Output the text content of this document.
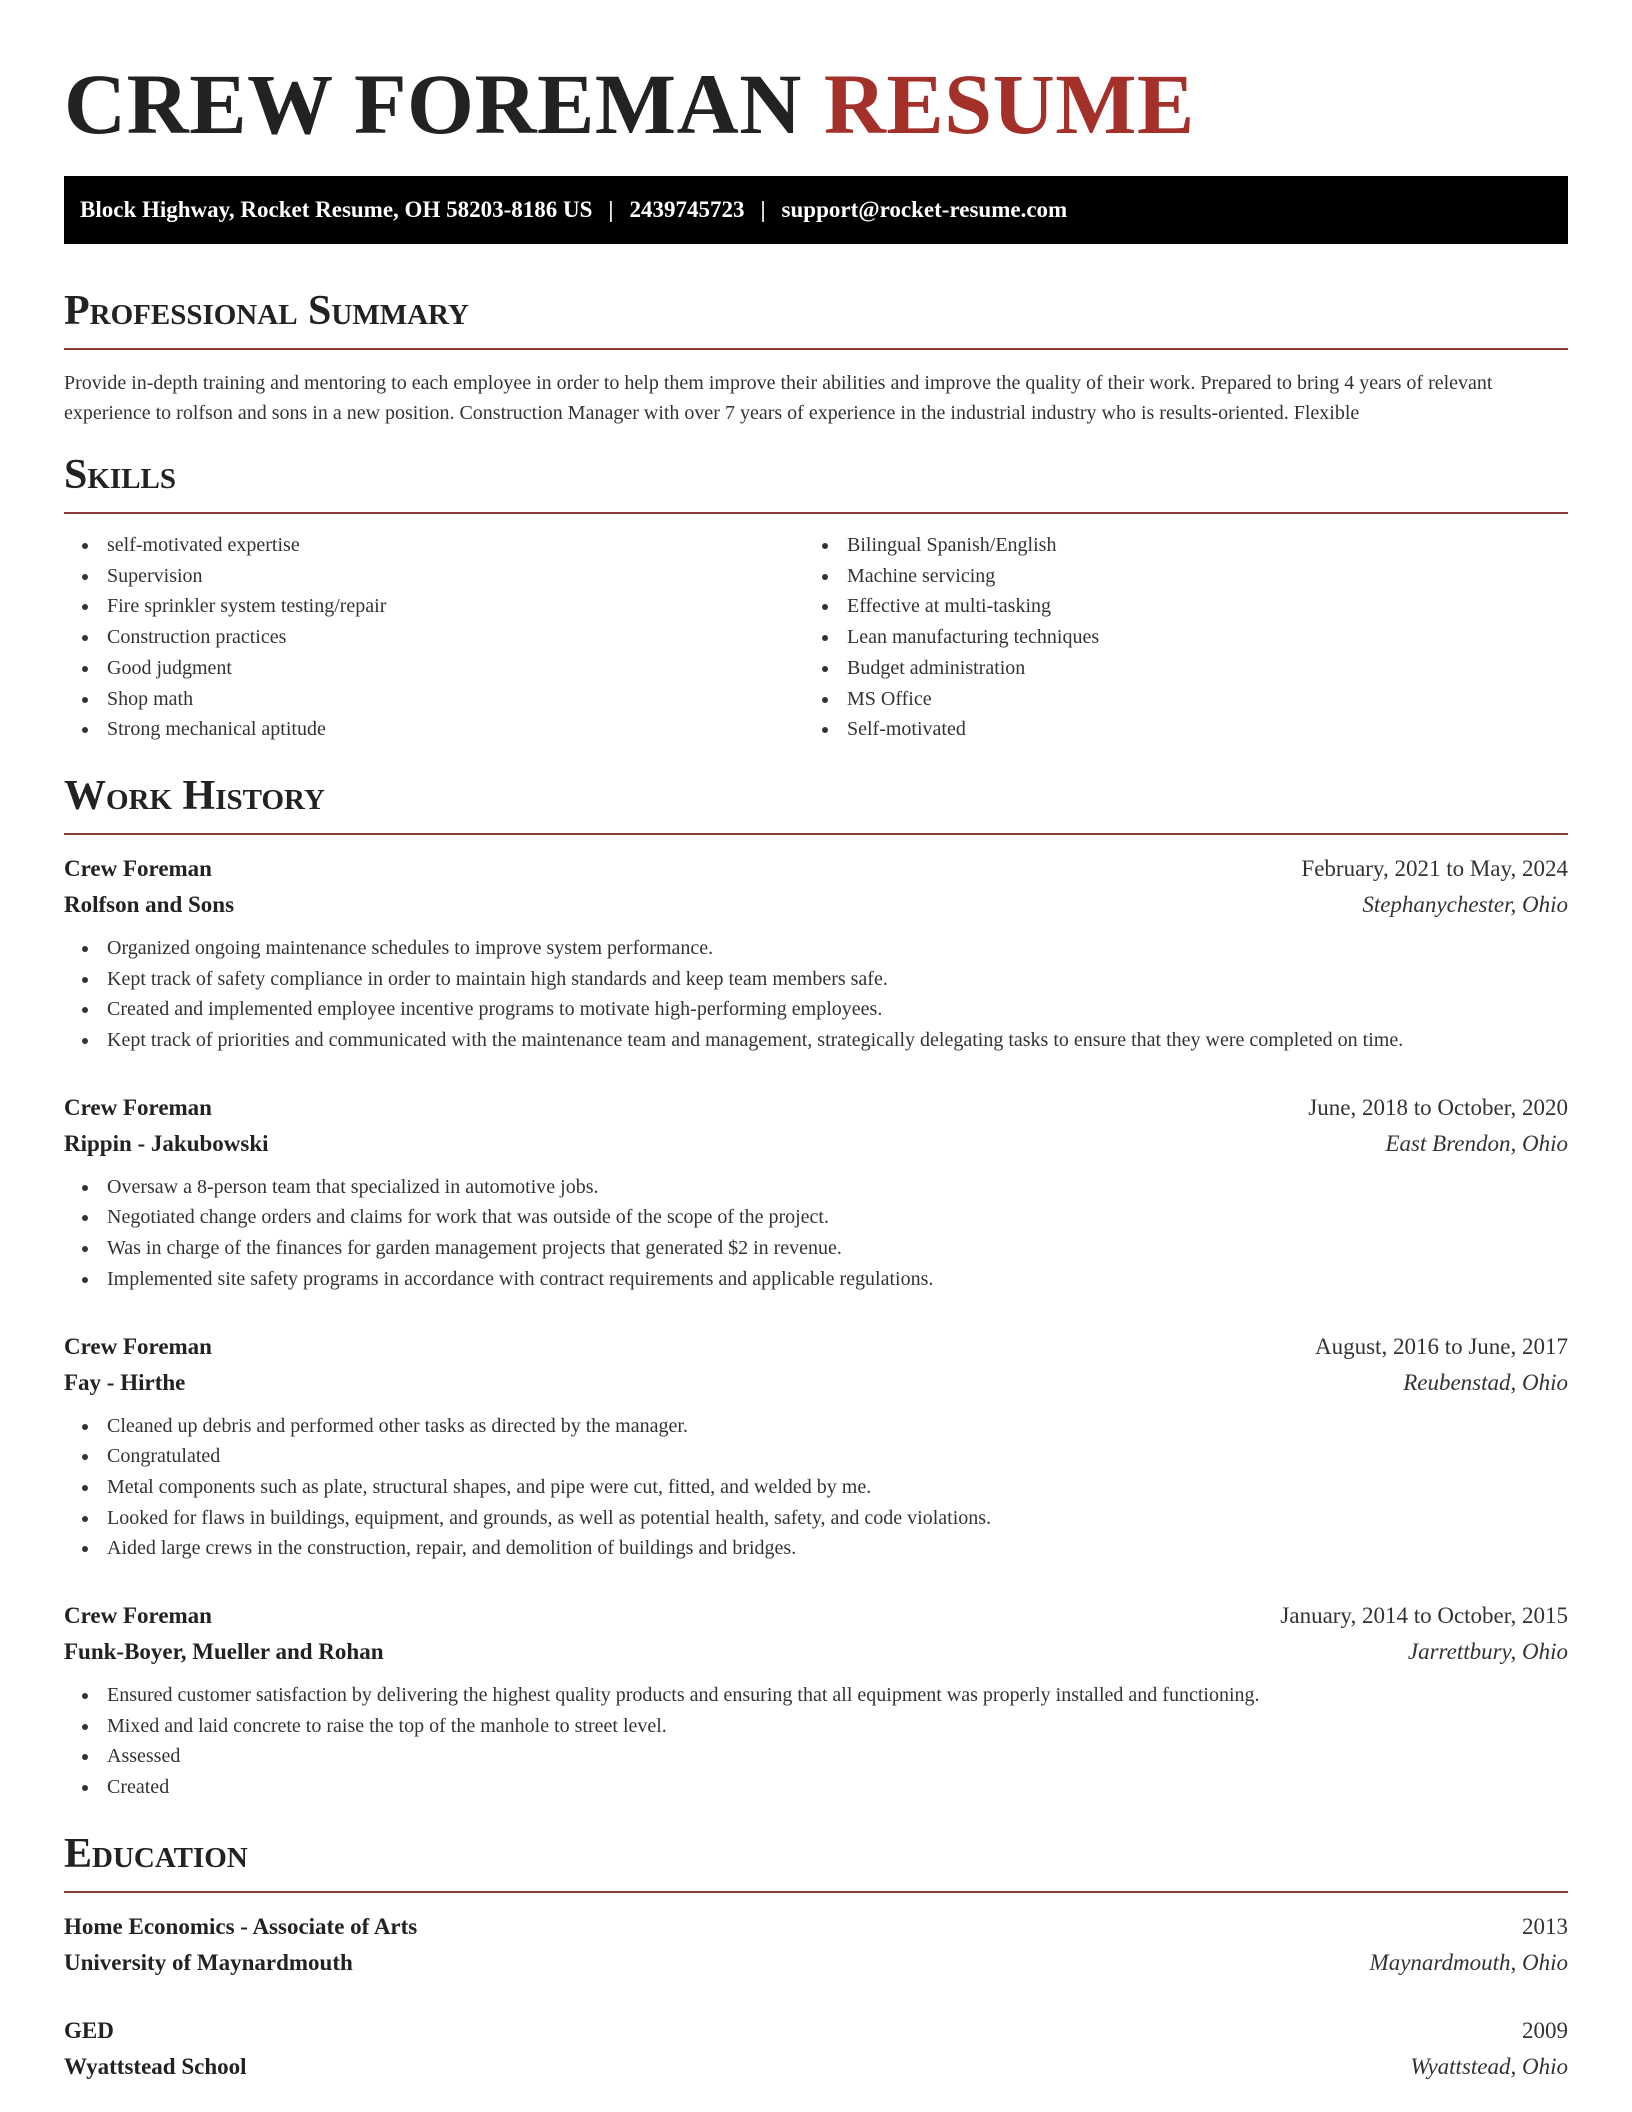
CREW FOREMAN RESUME
Block Highway, Rocket Resume, OH 58203-8186 US | 2439745723 | support@rocket-resume.com
Professional Summary

Provide in-depth training and mentoring to each employee in order to help them improve their abilities and improve the quality of their work. Prepared to bring 4 years of relevant experience to rolfson and sons in a new position. Construction Manager with over 7 years of experience in the industrial industry who is results-oriented. Flexible

Skills
self-motivated expertise
Supervision
Fire sprinkler system testing/repair
Construction practices
Good judgment
Shop math
Strong mechanical aptitude
Bilingual Spanish/English
Machine servicing
Effective at multi-tasking
Lean manufacturing techniques
Budget administration
MS Office
Self-motivated
Work History
Crew Foreman	February, 2021 to May, 2024
Rolfson and Sons	Stephanychester, Ohio
Organized ongoing maintenance schedules to improve system performance.
Kept track of safety compliance in order to maintain high standards and keep team members safe.
Created and implemented employee incentive programs to motivate high-performing employees.
Kept track of priorities and communicated with the maintenance team and management, strategically delegating tasks to ensure that they were completed on time.
Crew Foreman	June, 2018 to October, 2020
Rippin - Jakubowski	East Brendon, Ohio
Oversaw a 8-person team that specialized in automotive jobs.
Negotiated change orders and claims for work that was outside of the scope of the project.
Was in charge of the finances for garden management projects that generated $2 in revenue.
Implemented site safety programs in accordance with contract requirements and applicable regulations.
Crew Foreman	August, 2016 to June, 2017
Fay - Hirthe	Reubenstad, Ohio
Cleaned up debris and performed other tasks as directed by the manager.
Congratulated
Metal components such as plate, structural shapes, and pipe were cut, fitted, and welded by me.
Looked for flaws in buildings, equipment, and grounds, as well as potential health, safety, and code violations.
Aided large crews in the construction, repair, and demolition of buildings and bridges.
Crew Foreman	January, 2014 to October, 2015
Funk-Boyer, Mueller and Rohan	Jarrettbury, Ohio
Ensured customer satisfaction by delivering the highest quality products and ensuring that all equipment was properly installed and functioning.
Mixed and laid concrete to raise the top of the manhole to street level.
Assessed
Created
Education
Home Economics - Associate of Arts	2013
University of Maynardmouth	Maynardmouth, Ohio
GED	2009
Wyattstead School	Wyattstead, Ohio
